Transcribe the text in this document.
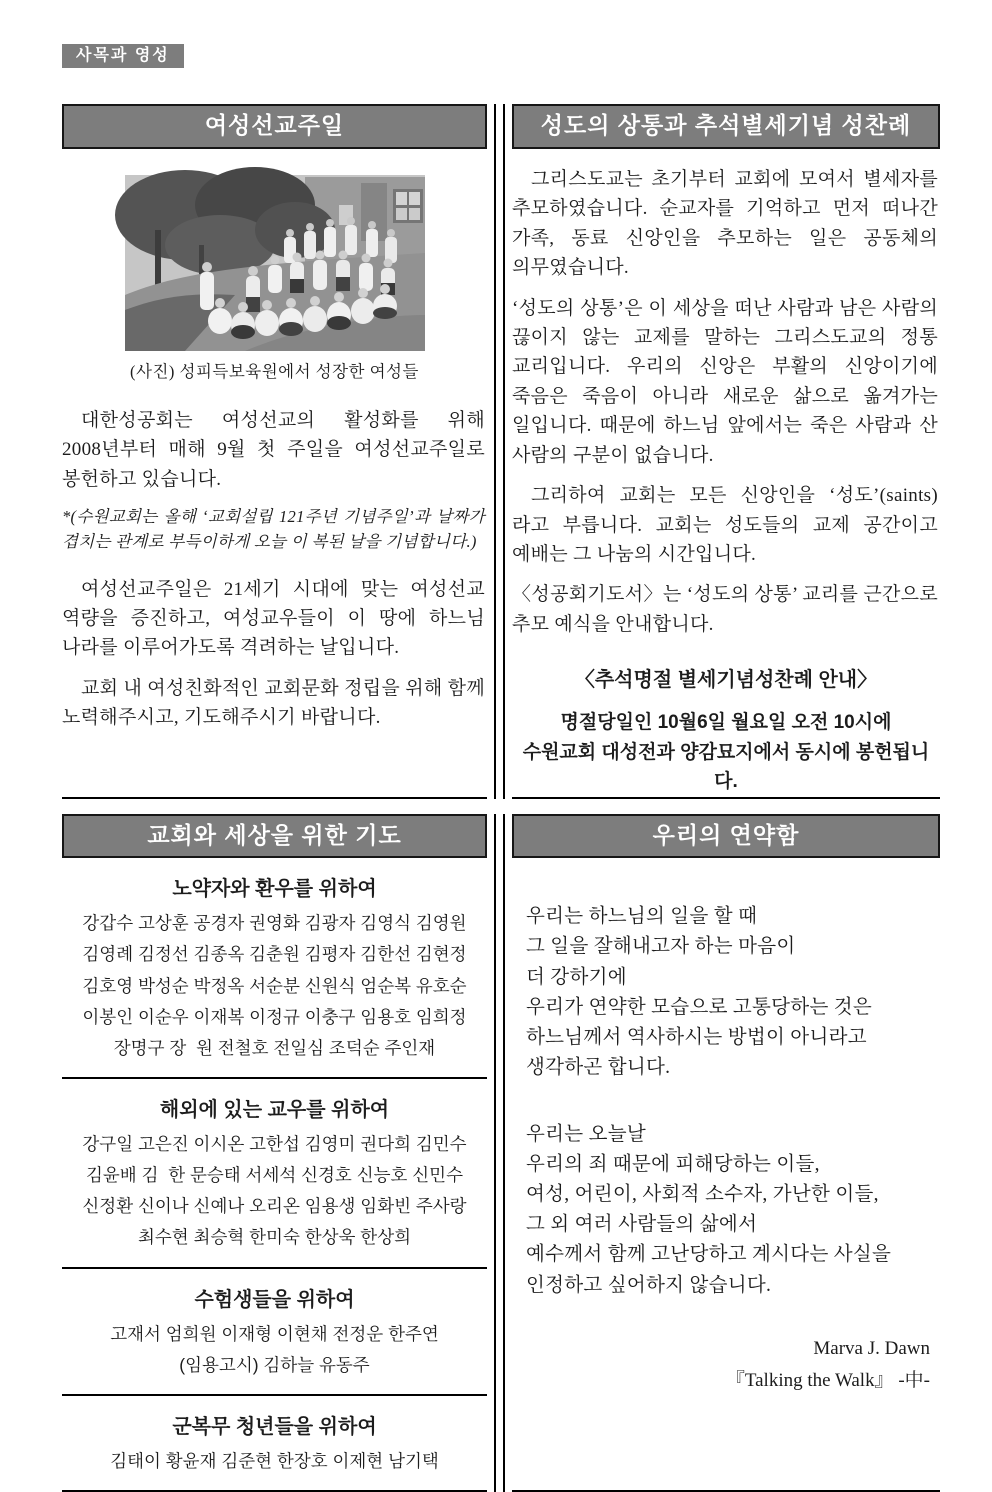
사목과 영성
여성선교주일
(사진) 성피득보육원에서 성장한 여성들

대한성공회는 여성선교의 활성화를 위해 2008년부터 매해 9월 첫 주일을 여성선교주일로 봉헌하고 있습니다.

*(수원교회는 올해 ‘교회설립 121주년 기념주일’과 날짜가 겹치는 관계로 부득이하게 오늘 이 복된 날을 기념합니다.)

여성선교주일은 21세기 시대에 맞는 여성선교 역량을 증진하고, 여성교우들이 이 땅에 하느님 나라를 이루어가도록 격려하는 날입니다.

교회 내 여성친화적인 교회문화 정립을 위해 함께 노력해주시고, 기도해주시기 바랍니다.

성도의 상통과 추석별세기념 성찬례

그리스도교는 초기부터 교회에 모여서 별세자를 추모하였습니다. 순교자를 기억하고 먼저 떠나간 가족, 동료 신앙인을 추모하는 일은 공동체의 의무였습니다.

‘성도의 상통’은 이 세상을 떠난 사람과 남은 사람의 끊이지 않는 교제를 말하는 그리스도교의 정통 교리입니다. 우리의 신앙은 부활의 신앙이기에 죽음은 죽음이 아니라 새로운 삶으로 옮겨가는 일입니다. 때문에 하느님 앞에서는 죽은 사람과 산 사람의 구분이 없습니다.

그리하여 교회는 모든 신앙인을 ‘성도’(saints)라고 부릅니다. 교회는 성도들의 교제 공간이고 예배는 그 나눔의 시간입니다.

〈성공회기도서〉는 ‘성도의 상통’ 교리를 근간으로 추모 예식을 안내합니다.

〈추석명절 별세기념성찬례 안내〉

명절당일인 10월6일 월요일 오전 10시에

수원교회 대성전과 양감묘지에서 동시에 봉헌됩니다.

교회와 세상을 위한 기도
노약자와 환우를 위하여

강갑수 고상훈 공경자 권영화 김광자 김영식 김영원

김영례 김정선 김종옥 김춘원 김평자 김한선 김현정

김호영 박성순 박정옥 서순분 신원식 엄순복 유호순

이봉인 이순우 이재복 이정규 이충구 임용호 임희정

장명구 장  원 전철호 전일심 조덕순 주인재

해외에 있는 교우를 위하여

강구일 고은진 이시온 고한섭 김영미 권다희 김민수

김윤배 김  한 문승태 서세석 신경호 신능호 신민수

신정환 신이나 신예나 오리온 임용생 임화빈 주사랑

최수현 최승혁 한미숙 한상욱 한상희

수험생들을 위하여

고재서 엄희원 이재형 이현채 전정운 한주연

(임용고시) 김하늘 유동주

군복무 청년들을 위하여

김태이 황윤재 김준현 한장호 이제현 남기택

우리의 연약함

우리는 하느님의 일을 할 때

그 일을 잘해내고자 하는 마음이

더 강하기에

우리가 연약한 모습으로 고통당하는 것은

하느님께서 역사하시는 방법이 아니라고

생각하곤 합니다.

우리는 오늘날

우리의 죄 때문에 피해당하는 이들,

여성, 어린이, 사회적 소수자, 가난한 이들,

그 외 여러 사람들의 삶에서

예수께서 함께 고난당하고 계시다는 사실을

인정하고 싶어하지 않습니다.

Marva J. Dawn
『Talking the Walk』 -中-
